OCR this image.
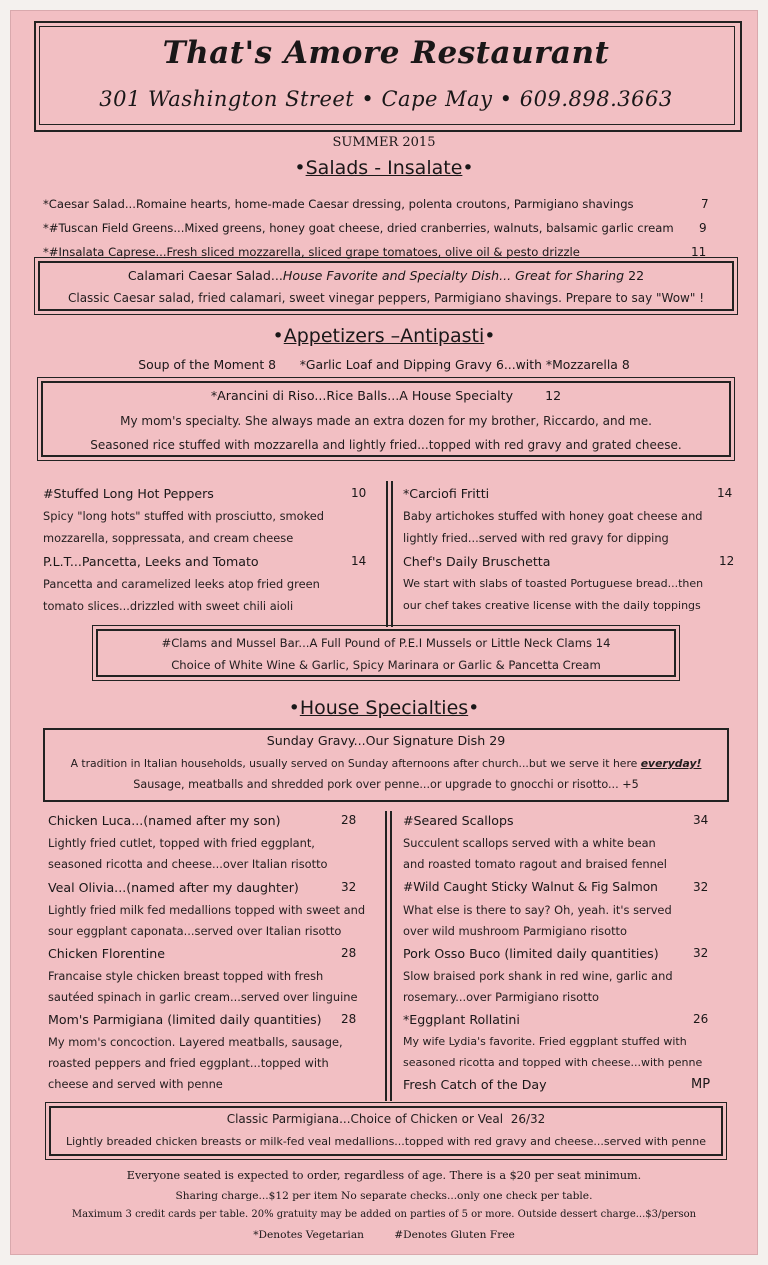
That's Amore Restaurant
301 Washington Street • Cape May • 609.898.3663
SUMMER 2015
•Salads - Insalate•
*Caesar Salad...Romaine hearts, home-made Caesar dressing, polenta croutons, Parmigiano shavings	7
*#Tuscan Field Greens...Mixed greens, honey goat cheese, dried cranberries, walnuts, balsamic garlic cream 9
*#Insalata Caprese...Fresh sliced mozzarella, sliced grape tomatoes, olive oil & pesto drizzle	11
Calamari Caesar Salad...House Favorite and Specialty Dish... Great for Sharing 22
Classic Caesar salad, fried calamari, sweet vinegar peppers, Parmigiano shavings. Prepare to say "Wow" !
•Appetizers –Antipasti•
Soup of the Moment 8 *Garlic Loaf and Dipping Gravy 6...with *Mozzarella 8
*Arancini di Riso...Rice Balls...A House Specialty	12
My mom's specialty. She always made an extra dozen for my brother, Riccardo, and me.
Seasoned rice stuffed with mozzarella and lightly fried...topped with red gravy and grated cheese.
#Stuffed Long Hot Peppers	10
Spicy "long hots" stuffed with prosciutto, smoked
mozzarella, soppressata, and cream cheese
P.L.T...Pancetta, Leeks and Tomato	14
Pancetta and caramelized leeks atop fried green
tomato slices...drizzled with sweet chili aioli
*Carciofi Fritti	14
Baby artichokes stuffed with honey goat cheese and
lightly fried...served with red gravy for dipping
Chef's Daily Bruschetta	12
We start with slabs of toasted Portuguese bread...then
our chef takes creative license with the daily toppings
#Clams and Mussel Bar...A Full Pound of P.E.I Mussels or Little Neck Clams 14
Choice of White Wine & Garlic, Spicy Marinara or Garlic & Pancetta Cream
•House Specialties•
Sunday Gravy...Our Signature Dish 29
A tradition in Italian households, usually served on Sunday afternoons after church...but we serve it here everyday!
Sausage, meatballs and shredded pork over penne...or upgrade to gnocchi or risotto... +5
Chicken Luca...(named after my son)	28
Lightly fried cutlet, topped with fried eggplant,
seasoned ricotta and cheese...over Italian risotto
Veal Olivia...(named after my daughter)	32
Lightly fried milk fed medallions topped with sweet and
sour eggplant caponata...served over Italian risotto
Chicken Florentine	28
Francaise style chicken breast topped with fresh
sautéed spinach in garlic cream...served over linguine
Mom's Parmigiana (limited daily quantities) 28
My mom's concoction. Layered meatballs, sausage,
roasted peppers and fried eggplant...topped with
cheese and served with penne
#Seared Scallops	34
Succulent scallops served with a white bean
and roasted tomato ragout and braised fennel
#Wild Caught Sticky Walnut & Fig Salmon	32
What else is there to say? Oh, yeah. it's served
over wild mushroom Parmigiano risotto
Pork Osso Buco (limited daily quantities)	32
Slow braised pork shank in red wine, garlic and
rosemary...over Parmigiano risotto
*Eggplant Rollatini	26
My wife Lydia's favorite. Fried eggplant stuffed with
seasoned ricotta and topped with cheese...with penne
Fresh Catch of the Day	MP
Classic Parmigiana...Choice of Chicken or Veal 26/32
Lightly breaded chicken breasts or milk-fed veal medallions...topped with red gravy and cheese...served with penne
Everyone seated is expected to order, regardless of age. There is a $20 per seat minimum.
Sharing charge...$12 per item No separate checks...only one check per table.
Maximum 3 credit cards per table. 20% gratuity may be added on parties of 5 or more. Outside dessert charge...$3/person
*Denotes Vegetarian	#Denotes Gluten Free
